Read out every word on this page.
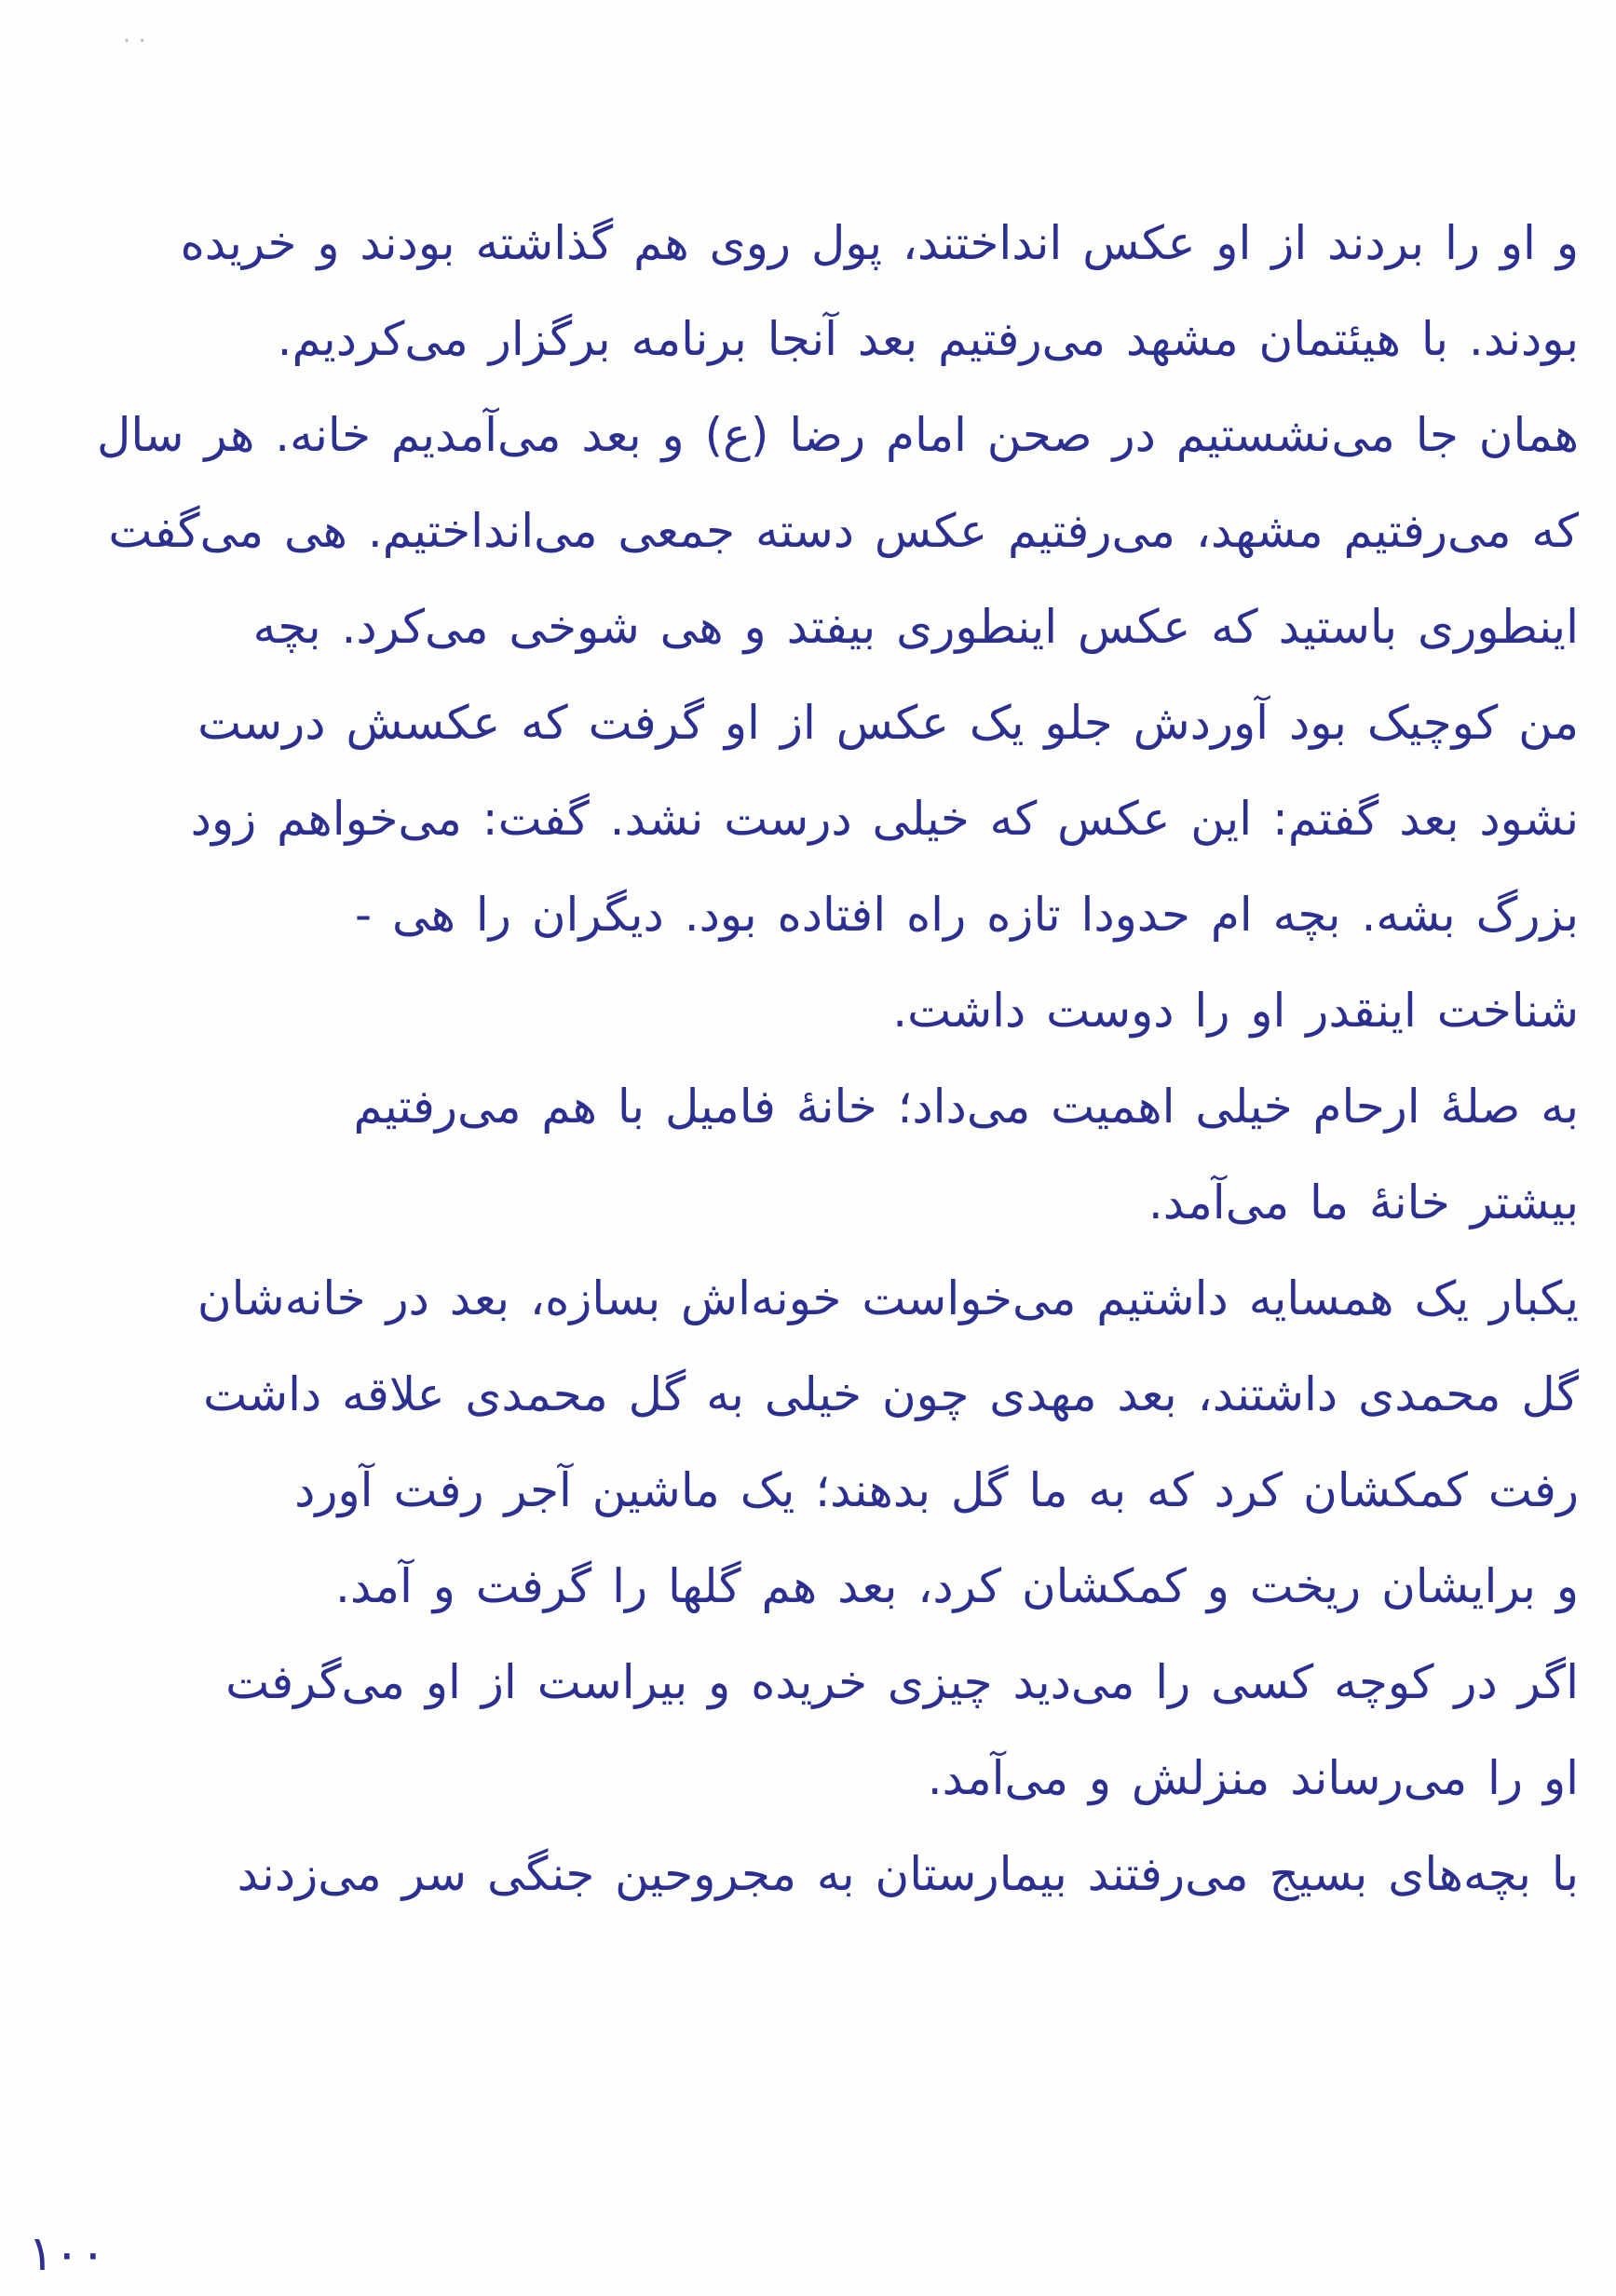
. .
و او را بردند از او عکس انداختند، پول روی هم گذاشته بودند و خریده
بودند. با هیئتمان مشهد می‌رفتیم بعد آنجا برنامه برگزار می‌کردیم.
همان جا می‌نشستیم در صحن امام رضا (ع) و بعد می‌آمدیم خانه. هر سال
که می‌رفتیم مشهد، می‌رفتیم عکس دسته جمعی می‌انداختیم. هی می‌گفت
اینطوری باستید که عکس اینطوری بیفتد و هی شوخی می‌کرد. بچه
من کوچیک بود آوردش جلو یک عکس از او گرفت که عکسش درست
نشود بعد گفتم: این عکس که خیلی درست نشد. گفت: می‌خواهم زود
بزرگ بشه. بچه ام حدودا تازه راه افتاده بود. دیگران را هی -
شناخت اینقدر او را دوست داشت.
به صلهٔ ارحام خیلی اهمیت می‌داد؛ خانهٔ فامیل با هم می‌رفتیم
بیشتر خانهٔ ما می‌آمد.
یکبار یک همسایه داشتیم می‌خواست خونه‌اش بسازه، بعد در خانه‌شان
گل محمدی داشتند، بعد مهدی چون خیلی به گل محمدی علاقه داشت
رفت کمکشان کرد که به ما گل بدهند؛ یک ماشین آجر رفت آورد
و برایشان ریخت و کمکشان کرد، بعد هم گلها را گرفت و آمد.
اگر در کوچه کسی را می‌دید چیزی خریده و بیراست از او می‌گرفت
او را می‌رساند منزلش و می‌آمد.
با بچه‌های بسیج می‌رفتند بیمارستان به مجروحین جنگی سر می‌زدند
۱۰۰
